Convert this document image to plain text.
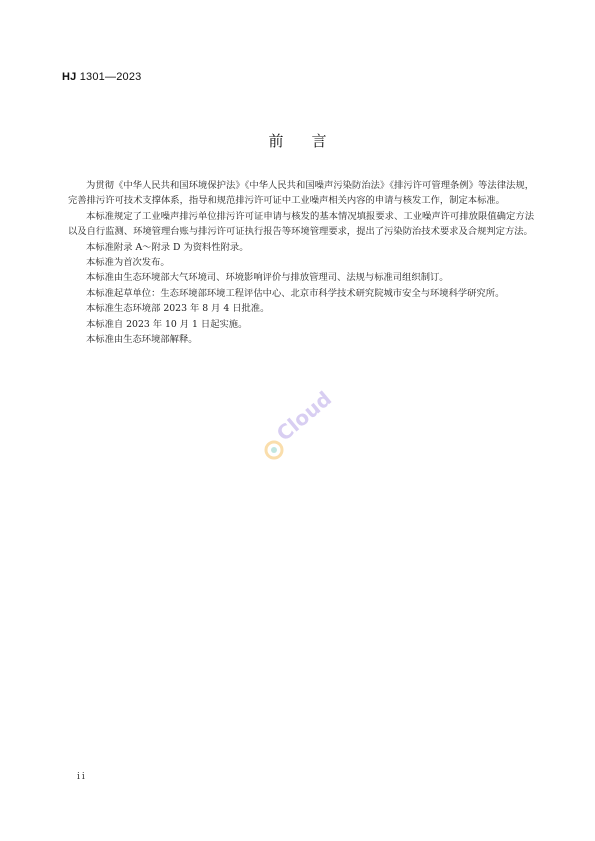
HJ 1301—2023
前言

为贯彻《中华人民共和国环境保护法》《中华人民共和国噪声污染防治法》《排污许可管理条例》等法律法规，完善排污许可技术支撑体系，指导和规范排污许可证中工业噪声相关内容的申请与核发工作，制定本标准。

本标准规定了工业噪声排污单位排污许可证申请与核发的基本情况填报要求、工业噪声许可排放限值确定方法以及自行监测、环境管理台账与排污许可证执行报告等环境管理要求，提出了污染防治技术要求及合规判定方法。

本标准附录 A～附录 D 为资料性附录。

本标准为首次发布。

本标准由生态环境部大气环境司、环境影响评价与排放管理司、法规与标准司组织制订。

本标准起草单位：生态环境部环境工程评估中心、北京市科学技术研究院城市安全与环境科学研究所。

本标准生态环境部 2023 年 8 月 4 日批准。

本标准自 2023 年 10 月 1 日起实施。

本标准由生态环境部解释。

Cloud
ii
